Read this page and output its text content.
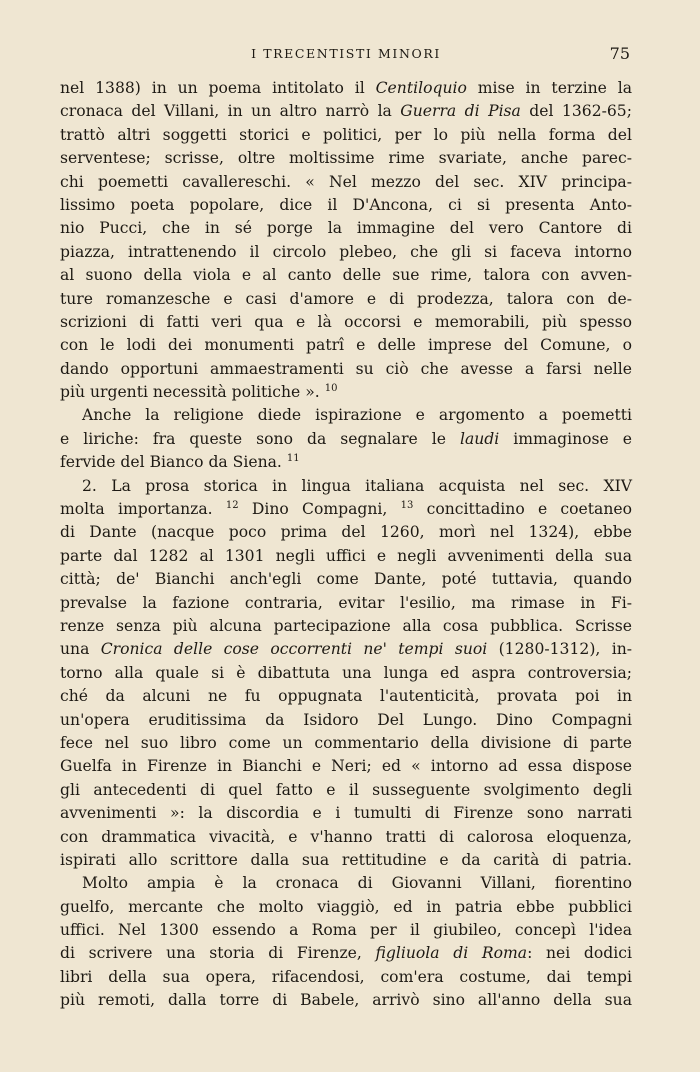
I TRECENTISTI MINORI	75
nel 1388) in un poema intitolato il Centiloquio mise in terzine la
cronaca del Villani, in un altro narrò la Guerra di Pisa del 1362-65;
trattò altri soggetti storici e politici, per lo più nella forma del
serventese; scrisse, oltre moltissime rime svariate, anche parec-
chi poemetti cavallereschi. « Nel mezzo del sec. XIV principa-
lissimo poeta popolare, dice il D'Ancona, ci si presenta Anto-
nio Pucci, che in sé porge la immagine del vero Cantore di
piazza, intrattenendo il circolo plebeo, che gli si faceva intorno
al suono della viola e al canto delle sue rime, talora con avven-
ture romanzesche e casi d'amore e di prodezza, talora con de-
scrizioni di fatti veri qua e là occorsi e memorabili, più spesso
con le lodi dei monumenti patrî e delle imprese del Comune, o
dando opportuni ammaestramenti su ciò che avesse a farsi nelle
più urgenti necessità politiche ». $^{10}$
Anche la religione diede ispirazione e argomento a poemetti
e liriche: fra queste sono da segnalare le laudi immaginose e
fervide del Bianco da Siena. $^{11}$
2. La prosa storica in lingua italiana acquista nel sec. XIV
molta importanza. $^{12}$ Dino Compagni, $^{13}$ concittadino e coetaneo
di Dante (nacque poco prima del 1260, morì nel 1324), ebbe
parte dal 1282 al 1301 negli uffici e negli avvenimenti della sua
città; de' Bianchi anch'egli come Dante, poté tuttavia, quando
prevalse la fazione contraria, evitar l'esilio, ma rimase in Fi-
renze senza più alcuna partecipazione alla cosa pubblica. Scrisse
una Cronica delle cose occorrenti ne' tempi suoi (1280-1312), in-
torno alla quale si è dibattuta una lunga ed aspra controversia;
ché da alcuni ne fu oppugnata l'autenticità, provata poi in
un'opera eruditissima da Isidoro Del Lungo. Dino Compagni
fece nel suo libro come un commentario della divisione di parte
Guelfa in Firenze in Bianchi e Neri; ed « intorno ad essa dispose
gli antecedenti di quel fatto e il susseguente svolgimento degli
avvenimenti »: la discordia e i tumulti di Firenze sono narrati
con drammatica vivacità, e v'hanno tratti di calorosa eloquenza,
ispirati allo scrittore dalla sua rettitudine e da carità di patria.
Molto ampia è la cronaca di Giovanni Villani, fiorentino
guelfo, mercante che molto viaggiò, ed in patria ebbe pubblici
uffici. Nel 1300 essendo a Roma per il giubileo, concepì l'idea
di scrivere una storia di Firenze, figliuola di Roma: nei dodici
libri della sua opera, rifacendosi, com'era costume, dai tempi
più remoti, dalla torre di Babele, arrivò sino all'anno della sua
